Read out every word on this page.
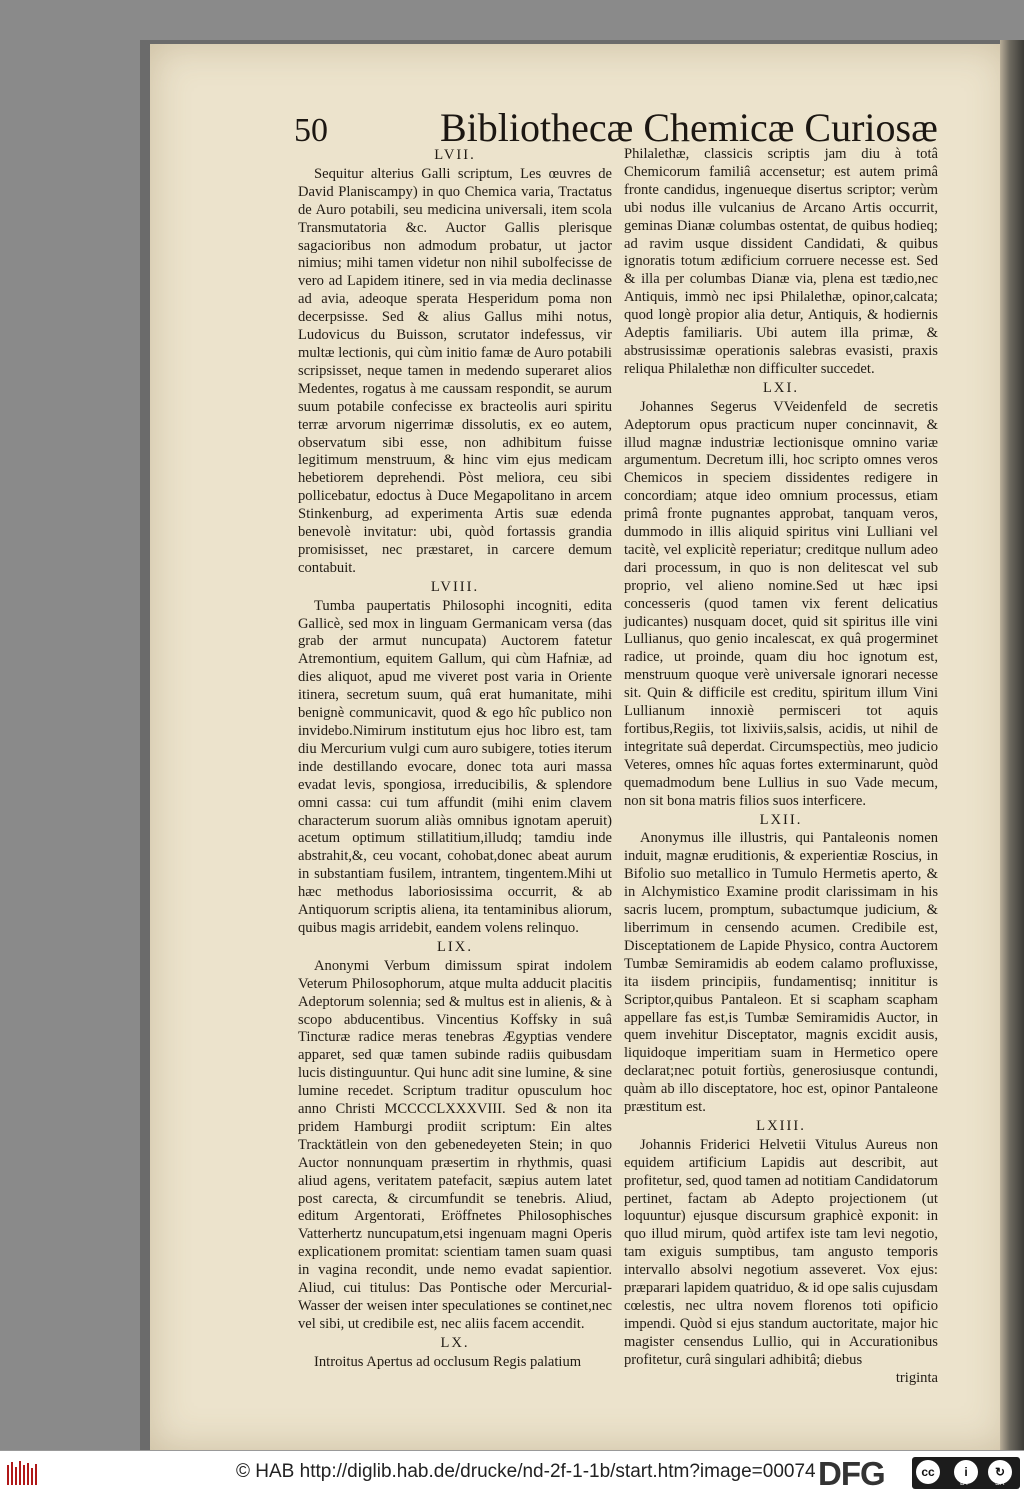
50	Bibliothecæ Chemicæ Curiosæ
LVII.
Sequitur alterius Galli scriptum, Les œuvres de David Planiscampy) in quo Chemica varia, Tractatus de Auro potabili, seu medicina universali, item scola Transmutatoria &c. Auctor Gallis plerisque sagacioribus non admodum probatur, ut jactor nimius; mihi tamen videtur non nihil subolfecisse de vero ad Lapidem itinere, sed in via media declinasse ad avia, adeoque sperata Hesperidum poma non decerpsisse. Sed & alius Gallus mihi notus, Ludovicus du Buisson, scrutator indefessus, vir multæ lectionis, qui cùm initio famæ de Auro potabili scripsisset, neque tamen in medendo superaret alios Medentes, rogatus à me caussam respondit, se aurum suum potabile confecisse ex bracteolis auri spiritu terræ arvorum nigerrimæ dissolutis, ex eo autem, observatum sibi esse, non adhibitum fuisse legitimum menstruum, & hinc vim ejus medicam hebetiorem deprehendi. Pòst meliora, ceu sibi pollicebatur, edoctus à Duce Megapolitano in arcem Stinkenburg, ad experimenta Artis suæ edenda benevolè invitatur: ubi, quòd fortassis grandia promisisset, nec præstaret, in carcere demum contabuit.
LVIII.
Tumba paupertatis Philosophi incogniti, edita Gallicè, sed mox in linguam Germanicam versa (das grab der armut nuncupata) Auctorem fatetur Atremontium, equitem Gallum, qui cùm Hafniæ, ad dies aliquot, apud me viveret post varia in Oriente itinera, secretum suum, quâ erat humanitate, mihi benignè communicavit, quod & ego hîc publico non invidebo.Nimirum institutum ejus hoc libro est, tam diu Mercurium vulgi cum auro subigere, toties iterum inde destillando evocare, donec tota auri massa evadat levis, spongiosa, irreducibilis, & splendore omni cassa: cui tum affundit (mihi enim clavem characterum suorum aliàs omnibus ignotam aperuit) acetum optimum stillatitium,illudq; tamdiu inde abstrahit,&, ceu vocant, cohobat,donec abeat aurum in substantiam fusilem, intrantem, tingentem.Mihi ut hæc methodus laboriosissima occurrit, & ab Antiquorum scriptis aliena, ita tentaminibus aliorum, quibus magis arridebit, eandem volens relinquo.
LIX.
Anonymi Verbum dimissum spirat indolem Veterum Philosophorum, atque multa adducit placitis Adeptorum solennia; sed & multus est in alienis, & à scopo abducentibus. Vincentius Koffsky in suâ Tincturæ radice meras tenebras Ægyptias vendere apparet, sed quæ tamen subinde radiis quibusdam lucis distinguuntur. Qui hunc adit sine lumine, & sine lumine recedet. Scriptum traditur opusculum hoc anno Christi MCCCCLXXXVIII. Sed & non ita pridem Hamburgi prodiit scriptum: Ein altes Tracktätlein von den gebenedeyeten Stein; in quo Auctor nonnunquam præsertim in rhythmis, quasi aliud agens, veritatem patefacit, sæpius autem latet post carecta, & circumfundit se tenebris. Aliud, editum Argentorati, Eröffnetes Philosophisches Vatterhertz nuncupatum,etsi ingenuam magni Operis explicationem promitat: scientiam tamen suam quasi in vagina recondit, unde nemo evadat sapientior. Aliud, cui titulus: Das Pontische oder Mercurial-Wasser der weisen inter speculationes se continet,nec vel sibi, ut credibile est, nec aliis facem accendit.
LX.
Introitus Apertus ad occlusum Regis palatium
Philalethæ, classicis scriptis jam diu à totâ Chemicorum familiâ accensetur; est autem primâ fronte candidus, ingenueque disertus scriptor; verùm ubi nodus ille vulcanius de Arcano Artis occurrit, geminas Dianæ columbas ostentat, de quibus hodieq; ad ravim usque dissident Candidati, & quibus ignoratis totum ædificium corruere necesse est. Sed & illa per columbas Dianæ via, plena est tædio,nec Antiquis, immò nec ipsi Philalethæ, opinor,calcata; quod longè propior alia detur, Antiquis, & hodiernis Adeptis familiaris. Ubi autem illa primæ, & abstrusissimæ operationis salebras evasisti, praxis reliqua Philalethæ non difficulter succedet.
LXI.
Johannes Segerus VVeidenfeld de secretis Adeptorum opus practicum nuper concinnavit, & illud magnæ industriæ lectionisque omnino variæ argumentum. Decretum illi, hoc scripto omnes veros Chemicos in speciem dissidentes redigere in concordiam; atque ideo omnium processus, etiam primâ fronte pugnantes approbat, tanquam veros, dummodo in illis aliquid spiritus vini Lulliani vel tacitè, vel explicitè reperiatur; creditque nullum adeo dari processum, in quo is non delitescat vel sub proprio, vel alieno nomine.Sed ut hæc ipsi concesseris (quod tamen vix ferent delicatius judicantes) nusquam docet, quid sit spiritus ille vini Lullianus, quo genio incalescat, ex quâ progerminet radice, ut proinde, quam diu hoc ignotum est, menstruum quoque verè universale ignorari necesse sit. Quin & difficile est creditu, spiritum illum Vini Lullianum innoxiè permisceri tot aquis fortibus,Regiis, tot lixiviis,salsis, acidis, ut nihil de integritate suâ deperdat. Circumspectiùs, meo judicio Veteres, omnes hîc aquas fortes exterminarunt, quòd quemadmodum bene Lullius in suo Vade mecum, non sit bona matris filios suos interficere.
LXII.
Anonymus ille illustris, qui Pantaleonis nomen induit, magnæ eruditionis, & experientiæ Roscius, in Bifolio suo metallico in Tumulo Hermetis aperto, & in Alchymistico Examine prodit clarissimam in his sacris lucem, promptum, subactumque judicium, & liberrimum in censendo acumen. Credibile est, Disceptationem de Lapide Physico, contra Auctorem Tumbæ Semiramidis ab eodem calamo profluxisse, ita iisdem principiis, fundamentisq; innititur is Scriptor,quibus Pantaleon. Et si scapham scapham appellare fas est,is Tumbæ Semiramidis Auctor, in quem invehitur Disceptator, magnis excidit ausis, liquidoque imperitiam suam in Hermetico opere declarat;nec potuit fortiùs, generosiusque contundi, quàm ab illo disceptatore, hoc est, opinor Pantaleone præstitum est.
LXIII.
Johannis Friderici Helvetii Vitulus Aureus non equidem artificium Lapidis aut describit, aut profitetur, sed, quod tamen ad notitiam Candidatorum pertinet, factam ab Adepto projectionem (ut loquuntur) ejusque discursum graphicè exponit: in quo illud mirum, quòd artifex iste tam levi negotio, tam exiguis sumptibus, tam angusto temporis intervallo absolvi negotium asseveret. Vox ejus: præparari lapidem quatriduo, & id ope salis cujusdam cœlestis, nec ultra novem florenos toti opificio impendi. Quòd si ejus standum auctoritate, major hic magister censendus Lullio, qui in Accurationibus profitetur, curâ singulari adhibitâ; diebus
triginta
© HAB http://diglib.hab.de/drucke/nd-2f-1-1b/start.htm?image=00074 DFG	cc	i
BY
↻
SA
